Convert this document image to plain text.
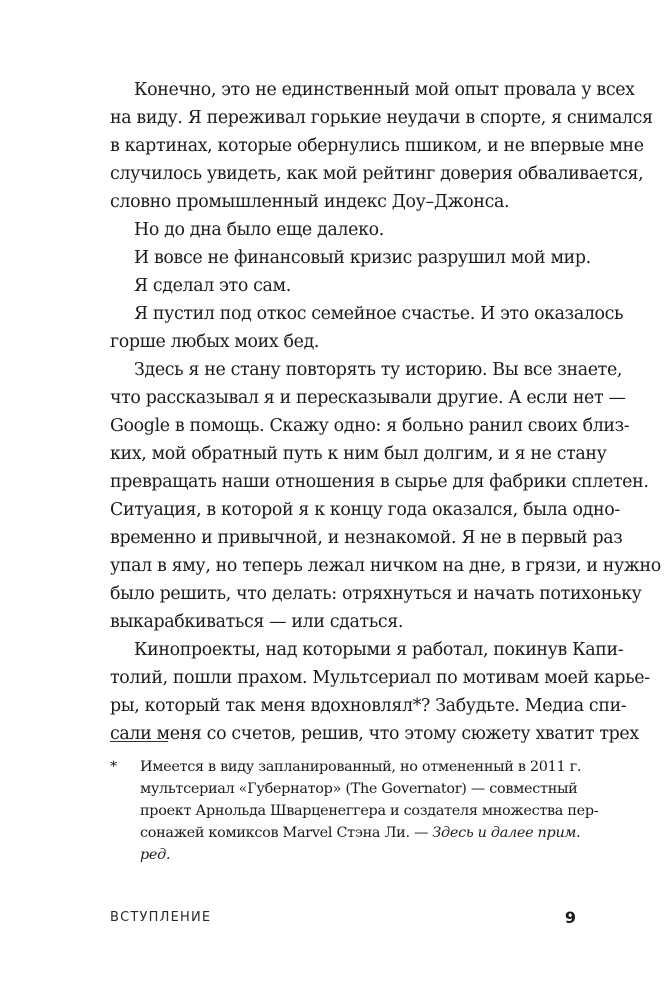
Конечно, это не единственный мой опыт провала у всех
на виду. Я переживал горькие неудачи в спорте, я снимался
в картинах, которые обернулись пшиком, и не впервые мне
случилось увидеть, как мой рейтинг доверия обваливается,
словно промышленный индекс Доу–Джонса.
Но до дна было еще далеко.
И вовсе не финансовый кризис разрушил мой мир.
Я сделал это сам.
Я пустил под откос семейное счастье. И это оказалось
горше любых моих бед.
Здесь я не стану повторять ту историю. Вы все знаете,
что рассказывал я и пересказывали другие. А если нет —
Google в помощь. Скажу одно: я больно ранил своих близ-
ких, мой обратный путь к ним был долгим, и я не стану
превращать наши отношения в сырье для фабрики сплетен.
Ситуация, в которой я к концу года оказался, была одно-
временно и привычной, и незнакомой. Я не в первый раз
упал в яму, но теперь лежал ничком на дне, в грязи, и нужно
было решить, что делать: отряхнуться и начать потихоньку
выкарабкиваться — или сдаться.
Кинопроекты, над которыми я работал, покинув Капи-
толий, пошли прахом. Мультсериал по мотивам моей карье-
ры, который так меня вдохновлял*? Забудьте. Медиа спи-
сали меня со счетов, решив, что этому сюжету хватит трех
* Имеется в виду запланированный, но отмененный в 2011 г.
мультсериал «Губернатор» (The Governator) — совместный
проект Арнольда Шварценеггера и создателя множества пер-
сонажей комиксов Marvel Стэна Ли. — Здесь и далее прим.
ред.
ВСТУПЛЕНИЕ	9
